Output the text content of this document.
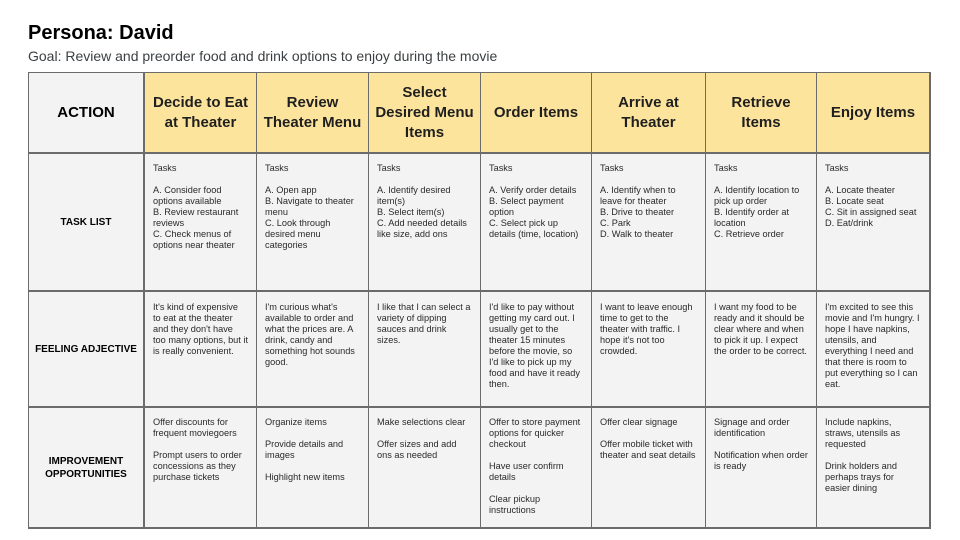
Persona: David
Goal: Review and preorder food and drink options to enjoy during the movie
ACTION
Decide to Eat at Theater
Review Theater Menu
Select Desired Menu Items
Order Items
Arrive at Theater
Retrieve Items
Enjoy Items
TASK LIST
Tasks
A. Consider food options available
B. Review restaurant reviews
C. Check menus of options near theater
Tasks
A. Open app
B. Navigate to theater menu
C. Look through desired menu categories
Tasks
A. Identify desired item(s)
B. Select item(s)
C. Add needed details like size, add ons
Tasks
A. Verify order details
B. Select payment option
C. Select pick up details (time, location)
Tasks
A. Identify when to leave for theater
B. Drive to theater
C. Park
D. Walk to theater
Tasks
A. Identify location to pick up order
B. Identify order at location
C. Retrieve order
Tasks
A. Locate theater
B. Locate seat
C. Sit in assigned seat
D. Eat/drink
FEELING ADJECTIVE
It's kind of expensive to eat at the theater and they don't have too many options, but it is really convenient.
I'm curious what's available to order and what the prices are. A drink, candy and something hot sounds good.
I like that I can select a variety of dipping sauces and drink sizes.
I'd like to pay without getting my card out. I usually get to the theater 15 minutes before the movie, so I'd like to pick up my food and have it ready then.
I want to leave enough time to get to the theater with traffic. I hope it's not too crowded.
I want my food to be ready and it should be clear where and when to pick it up. I expect the order to be correct.
I'm excited to see this movie and I'm hungry. I hope I have napkins, utensils, and everything I need and that there is room to put everything so I can eat.
IMPROVEMENT OPPORTUNITIES
Offer discounts for frequent moviegoers
Prompt users to order concessions as they purchase tickets
Organize items
Provide details and images
Highlight new items
Make selections clear
Offer sizes and add ons as needed
Offer to store payment options for quicker checkout
Have user confirm details
Clear pickup instructions
Offer clear signage
Offer mobile ticket with theater and seat details
Signage and order identification
Notification when order is ready
Include napkins, straws, utensils as requested
Drink holders and perhaps trays for easier dining
